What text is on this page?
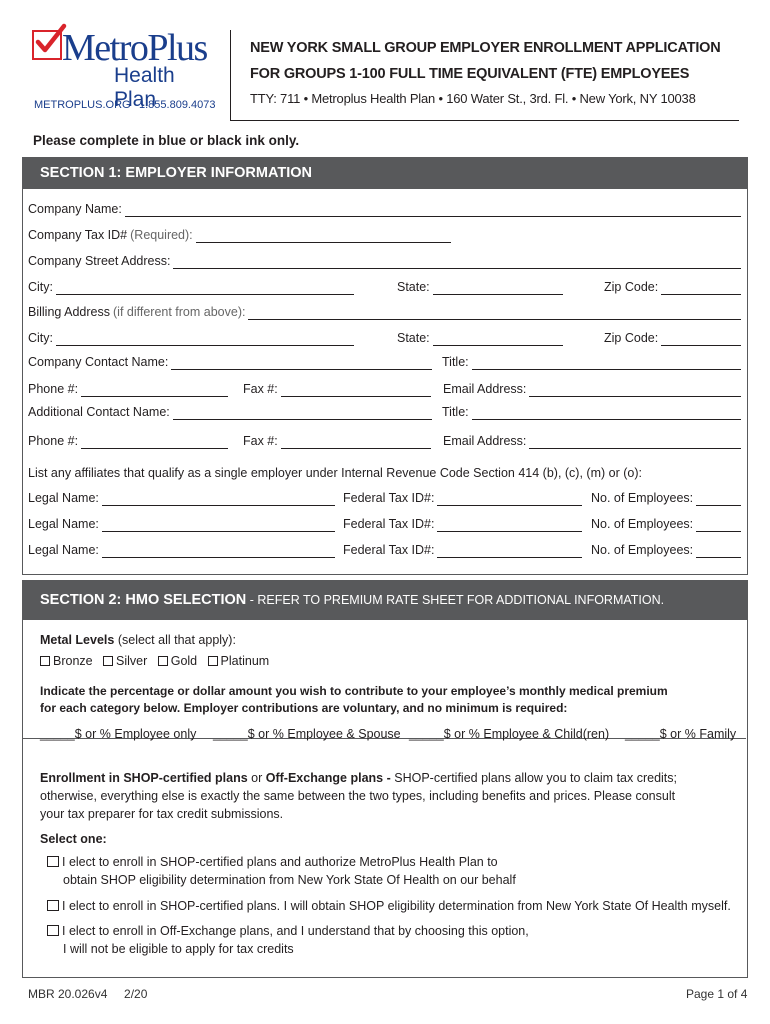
MetroPlus
Health Plan
METROPLUS.ORG 1.855.809.4073
NEW YORK SMALL GROUP EMPLOYER ENROLLMENT APPLICATION
FOR GROUPS 1-100 FULL TIME EQUIVALENT (FTE) EMPLOYEES
TTY: 711 • Metroplus Health Plan • 160 Water St., 3rd. Fl. • New York, NY 10038
Please complete in blue or black ink only.
SECTION 1: EMPLOYER INFORMATION
Company Name:
Company Tax ID# (Required):
Company Street Address:
City:	State:	Zip Code:
Billing Address (if different from above):
City:	State:	Zip Code:
Company Contact Name:	Title:
Phone #:	Fax #:	Email Address:
Additional Contact Name:	Title:
Phone #:	Fax #:	Email Address:
List any affiliates that qualify as a single employer under Internal Revenue Code Section 414 (b), (c), (m) or (o):
Legal Name:	Federal Tax ID#:	No. of Employees:
Legal Name:	Federal Tax ID#:	No. of Employees:
Legal Name:	Federal Tax ID#:	No. of Employees:
SECTION 2: HMO SELECTION - REFER TO PREMIUM RATE SHEET FOR ADDITIONAL INFORMATION.
Metal Levels (select all that apply):
Bronze Silver Gold Platinum
Indicate the percentage or dollar amount you wish to contribute to your employee’s monthly medical premium
for each category below. Employer contributions are voluntary, and no minimum is required:
_____$ or % Employee only _____$ or % Employee & Spouse _____$ or % Employee & Child(ren) _____$ or % Family
Enrollment in SHOP-certified plans or Off-Exchange plans - SHOP-certified plans allow you to claim tax credits;
otherwise, everything else is exactly the same between the two types, including benefits and prices. Please consult
your tax preparer for tax credit submissions.
Select one:
I elect to enroll in SHOP-certified plans and authorize MetroPlus Health Plan to
obtain SHOP eligibility determination from New York State Of Health on our behalf
I elect to enroll in SHOP-certified plans. I will obtain SHOP eligibility determination from New York State Of Health myself.
I elect to enroll in Off-Exchange plans, and I understand that by choosing this option,
I will not be eligible to apply for tax credits
MBR 20.026v4     2/20	Page 1 of 4
